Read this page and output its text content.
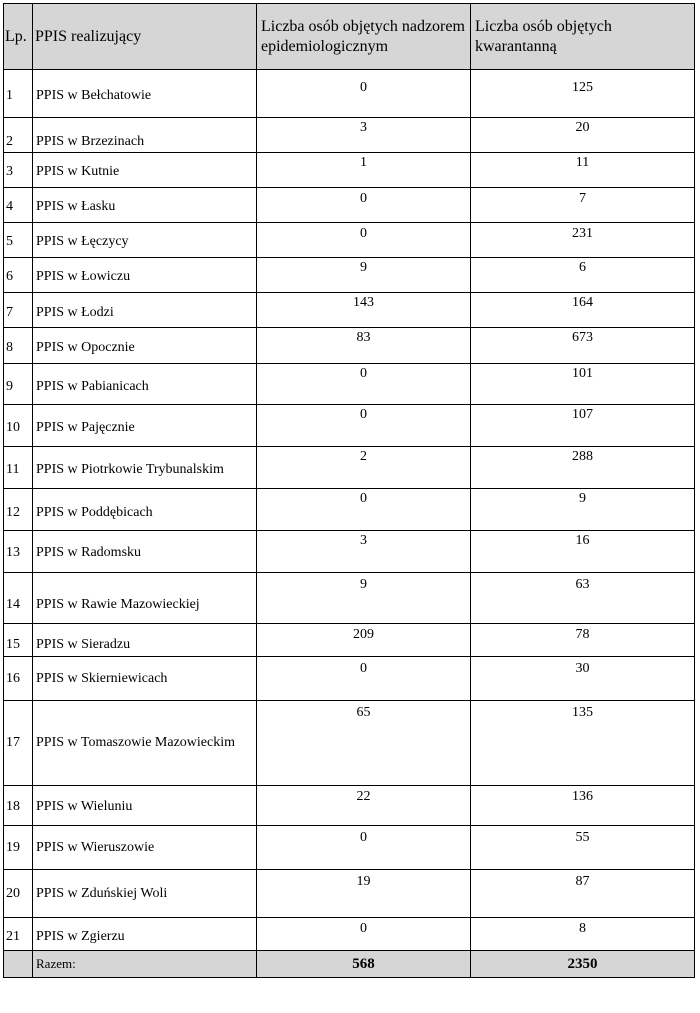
Lp.	PPIS realizujący	Liczba osób objętych nadzorem epidemiologicznym	Liczba osób objętych kwarantanną
1	PPIS w Bełchatowie	0	125
2	PPIS w Brzezinach	3	20
3	PPIS w Kutnie	1	11
4	PPIS w Łasku	0	7
5	PPIS w Łęczycy	0	231
6	PPIS w Łowiczu	9	6
7	PPIS w Łodzi	143	164
8	PPIS w Opocznie	83	673
9	PPIS w Pabianicach	0	101
10	PPIS w Pajęcznie	0	107
11	PPIS w Piotrkowie Trybunalskim	2	288
12	PPIS w Poddębicach	0	9
13	PPIS w Radomsku	3	16
14	PPIS w Rawie Mazowieckiej	9	63
15	PPIS w Sieradzu	209	78
16	PPIS w Skierniewicach	0	30
17	PPIS w Tomaszowie Mazowieckim	65	135
18	PPIS w Wieluniu	22	136
19	PPIS w Wieruszowie	0	55
20	PPIS w Zduńskiej Woli	19	87
21	PPIS w Zgierzu	0	8
	Razem:	568	2350
